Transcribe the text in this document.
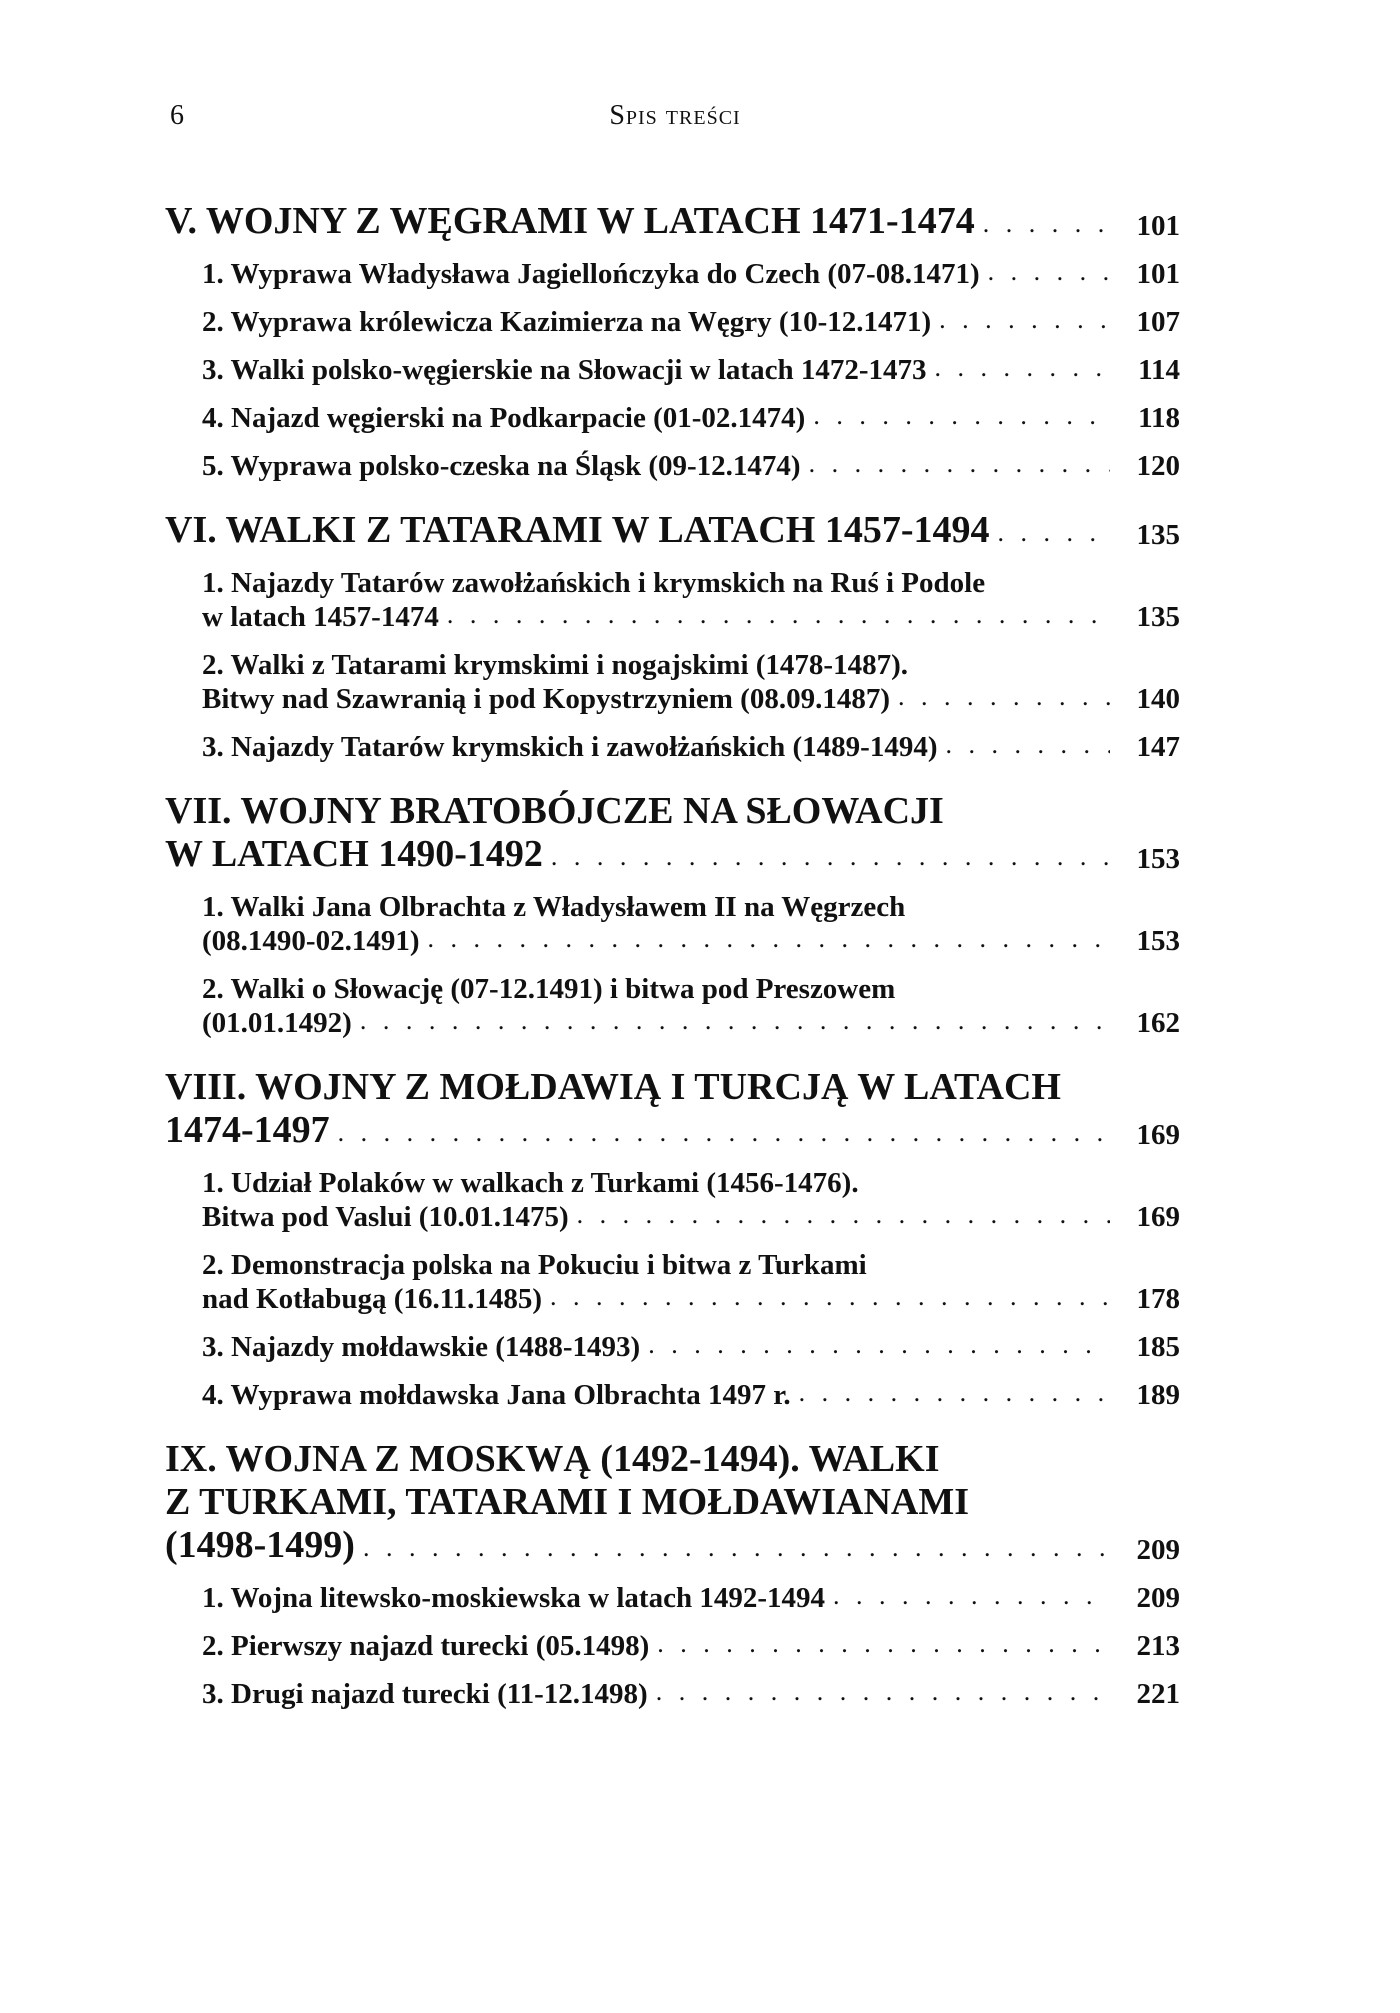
6	Spis treści
V. WOJNY Z WĘGRAMI W LATACH 1471-1474 . . .	101
1. Wyprawa Władysława Jagiellończyka do Czech (07-08.1471) . . .	101
2. Wyprawa królewicza Kazimierza na Węgry (10-12.1471) . . .	107
3. Walki polsko-węgierskie na Słowacji w latach 1472-1473 . . .	114
4. Najazd węgierski na Podkarpacie (01-02.1474) . . .	118
5. Wyprawa polsko-czeska na Śląsk (09-12.1474) . . .	120
VI. WALKI Z TATARAMI W LATACH 1457-1494 . . .	135
1. Najazdy Tatarów zawołżańskich i krymskich na Ruś i Podole
w latach 1457-1474 . . .	135
2. Walki z Tatarami krymskimi i nogajskimi (1478-1487).
Bitwy nad Szawranią i pod Kopystrzyniem (08.09.1487) . . .	140
3. Najazdy Tatarów krymskich i zawołżańskich (1489-1494) . . .	147
VII. WOJNY BRATOBÓJCZE NA SŁOWACJI
W LATACH 1490-1492 . . .	153
1. Walki Jana Olbrachta z Władysławem II na Węgrzech
(08.1490-02.1491) . . .	153
2. Walki o Słowację (07-12.1491) i bitwa pod Preszowem
(01.01.1492) . . .	162
VIII. WOJNY Z MOŁDAWIĄ I TURCJĄ W LATACH
1474-1497 . . .	169
1. Udział Polaków w walkach z Turkami (1456-1476).
Bitwa pod Vaslui (10.01.1475) . . .	169
2. Demonstracja polska na Pokuciu i bitwa z Turkami
nad Kotłabugą (16.11.1485) . . .	178
3. Najazdy mołdawskie (1488-1493) . . .	185
4. Wyprawa mołdawska Jana Olbrachta 1497 r. . . .	189
IX. WOJNA Z MOSKWĄ (1492-1494). WALKI
Z TURKAMI, TATARAMI I MOŁDAWIANAMI
(1498-1499) . . .	209
1. Wojna litewsko-moskiewska w latach 1492-1494 . . .	209
2. Pierwszy najazd turecki (05.1498) . . .	213
3. Drugi najazd turecki (11-12.1498) . . .	221
